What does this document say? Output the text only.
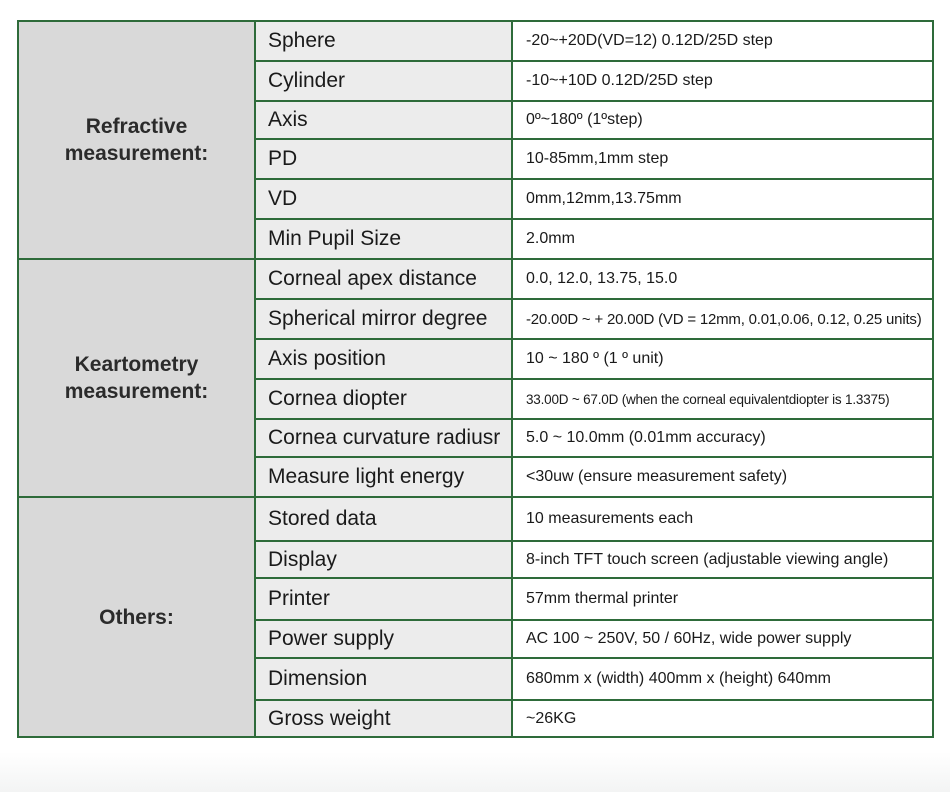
Refractive measurement:	Sphere	-20~+20D(VD=12) 0.12D/25D step
	Cylinder	-10~+10D 0.12D/25D step
	Axis	0º~180º (1ºstep)
	PD	10-85mm,1mm step
	VD	0mm,12mm,13.75mm
	Min Pupil Size	2.0mm
Keartometry measurement:	Corneal apex distance	0.0, 12.0, 13.75, 15.0
	Spherical mirror degree	-20.00D ~ + 20.00D (VD = 12mm, 0.01,0.06, 0.12, 0.25 units)
	Axis position	10 ~ 180 º (1 º unit)
	Cornea diopter	33.00D ~ 67.0D (when the corneal equivalentdiopter is 1.3375)
	Cornea curvature radiusr	5.0 ~ 10.0mm (0.01mm accuracy)
	Measure light energy	<30uw (ensure measurement safety)
Others:	Stored data	10 measurements each
	Display	8-inch TFT touch screen (adjustable viewing angle)
	Printer	57mm thermal printer
	Power supply	AC 100 ~ 250V, 50 / 60Hz, wide power supply
	Dimension	680mm x (width) 400mm x (height) 640mm
	Gross weight	~26KG
